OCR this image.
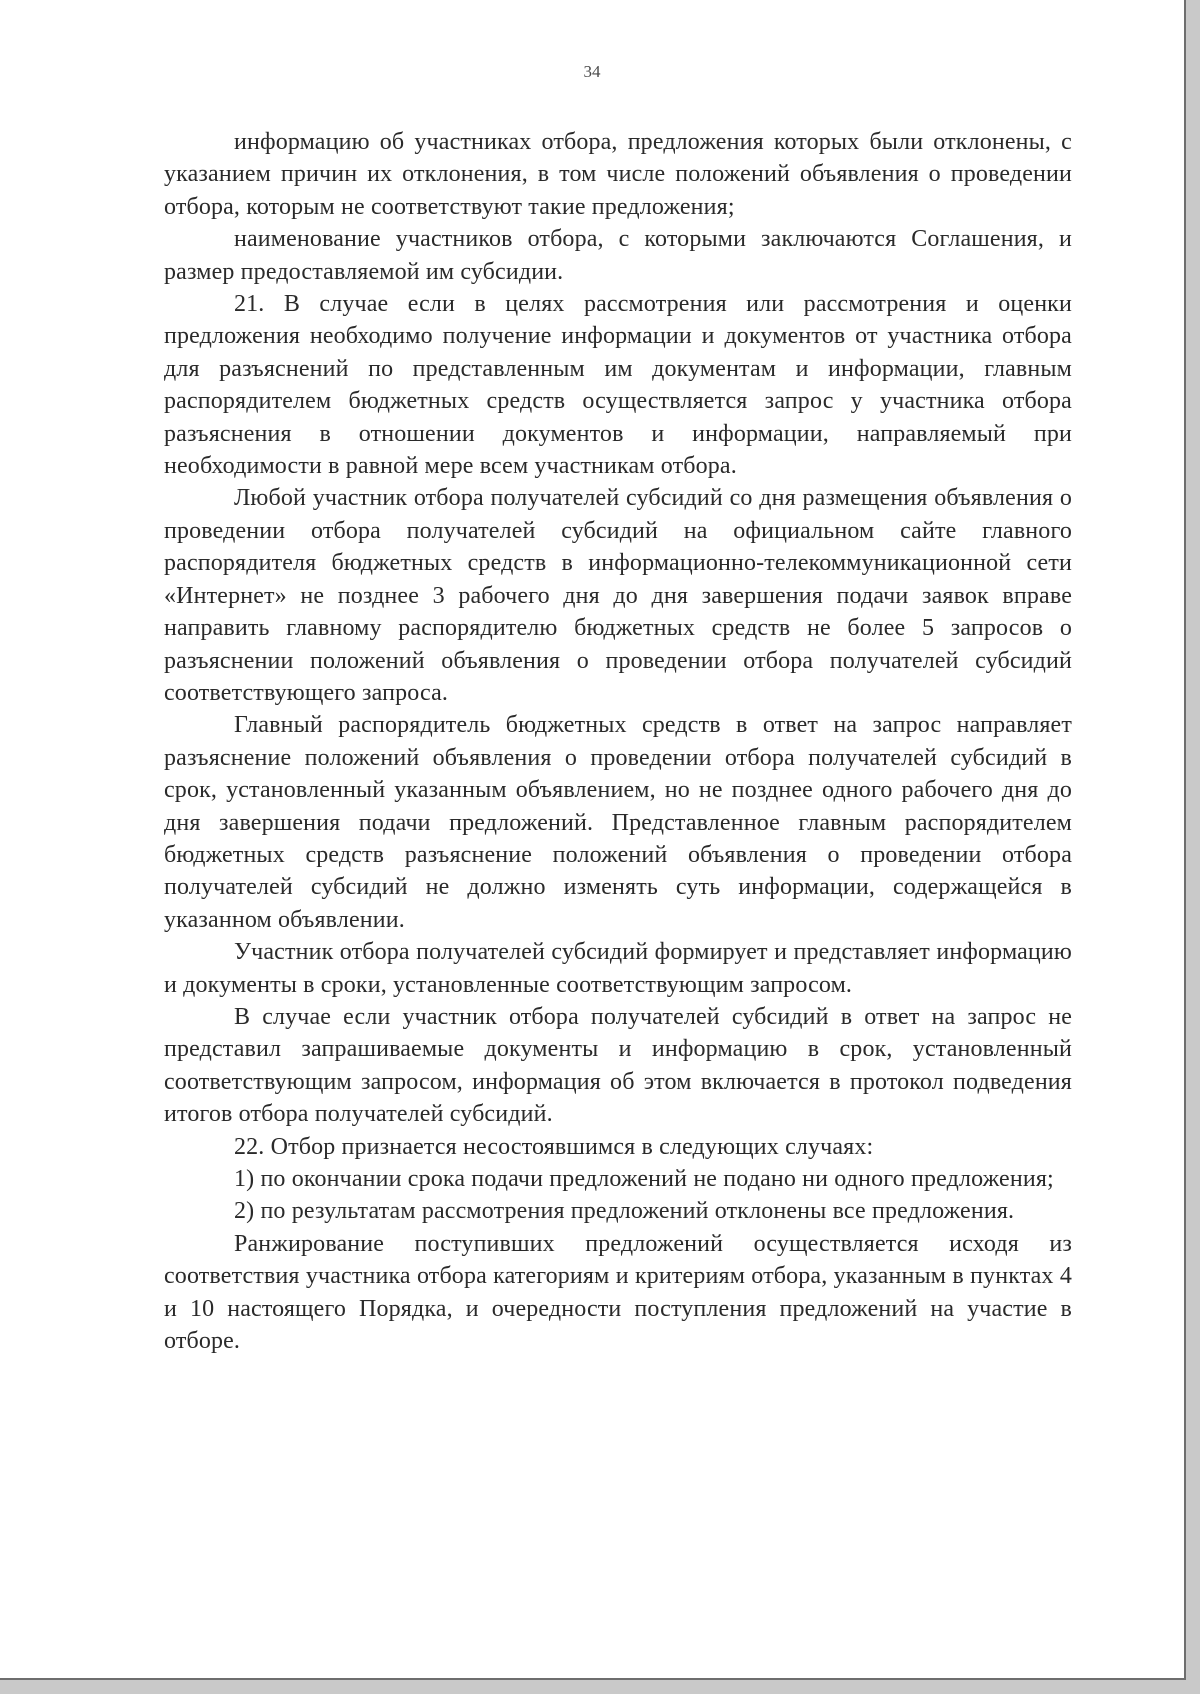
34

информацию об участниках отбора, предложения которых были отклонены, с указанием причин их отклонения, в том числе положений объявления о проведении отбора, которым не соответствуют такие предложения;

наименование участников отбора, с которыми заключаются Соглашения, и размер предоставляемой им субсидии.

21. В случае если в целях рассмотрения или рассмотрения и оценки предложения необходимо получение информации и документов от участника отбора для разъяснений по представленным им документам и информации, главным распорядителем бюджетных средств осуществляется запрос у участника отбора разъяснения в отношении документов и информации, направляемый при необходимости в равной мере всем участникам отбора.

Любой участник отбора получателей субсидий со дня размещения объявления о проведении отбора получателей субсидий на официальном сайте главного распорядителя бюджетных средств в информационно-телекоммуникационной сети «Интернет» не позднее 3 рабочего дня до дня завершения подачи заявок вправе направить главному распорядителю бюджетных средств не более 5 запросов о разъяснении положений объявления о проведении отбора получателей субсидий соответствующего запроса.

Главный распорядитель бюджетных средств в ответ на запрос направляет разъяснение положений объявления о проведении отбора получателей субсидий в срок, установленный указанным объявлением, но не позднее одного рабочего дня до дня завершения подачи предложений. Представленное главным распорядителем бюджетных средств разъяснение положений объявления о проведении отбора получателей субсидий не должно изменять суть информации, содержащейся в указанном объявлении.

Участник отбора получателей субсидий формирует и представляет информацию и документы в сроки, установленные соответствующим запросом.

В случае если участник отбора получателей субсидий в ответ на запрос не представил запрашиваемые документы и информацию в срок, установленный соответствующим запросом, информация об этом включается в протокол подведения итогов отбора получателей субсидий.

22. Отбор признается несостоявшимся в следующих случаях:

1) по окончании срока подачи предложений не подано ни одного предложения;

2) по результатам рассмотрения предложений отклонены все предложения.

Ранжирование поступивших предложений осуществляется исходя из соответствия участника отбора категориям и критериям отбора, указанным в пунктах 4 и 10 настоящего Порядка, и очередности поступления предложений на участие в отборе.
